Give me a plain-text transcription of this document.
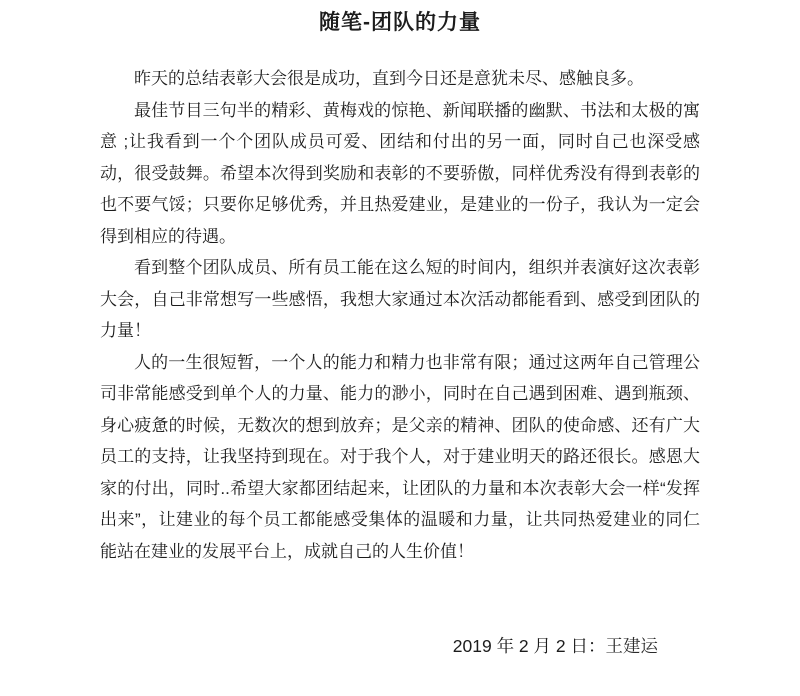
随笔-团队的力量

昨天的总结表彰大会很是成功，直到今日还是意犹未尽、感触良多。

最佳节目三句半的精彩、黄梅戏的惊艳、新闻联播的幽默、书法和太极的寓意 ;让我看到一个个团队成员可爱、团结和付出的另一面，同时自己也深受感动，很受鼓舞。希望本次得到奖励和表彰的不要骄傲，同样优秀没有得到表彰的也不要气馁；只要你足够优秀，并且热爱建业，是建业的一份子，我认为一定会得到相应的待遇。

看到整个团队成员、所有员工能在这么短的时间内，组织并表演好这次表彰大会，自己非常想写一些感悟，我想大家通过本次活动都能看到、感受到团队的力量！

人的一生很短暂，一个人的能力和精力也非常有限；通过这两年自己管理公司非常能感受到单个人的力量、能力的渺小，同时在自己遇到困难、遇到瓶颈、身心疲惫的时候，无数次的想到放弃；是父亲的精神、团队的使命感、还有广大员工的支持，让我坚持到现在。对于我个人，对于建业明天的路还很长。感恩大家的付出，同时..希望大家都团结起来，让团队的力量和本次表彰大会一样“发挥出来”，让建业的每个员工都能感受集体的温暖和力量，让共同热爱建业的同仁能站在建业的发展平台上，成就自己的人生价值！

2019 年 2 月 2 日：王建运
